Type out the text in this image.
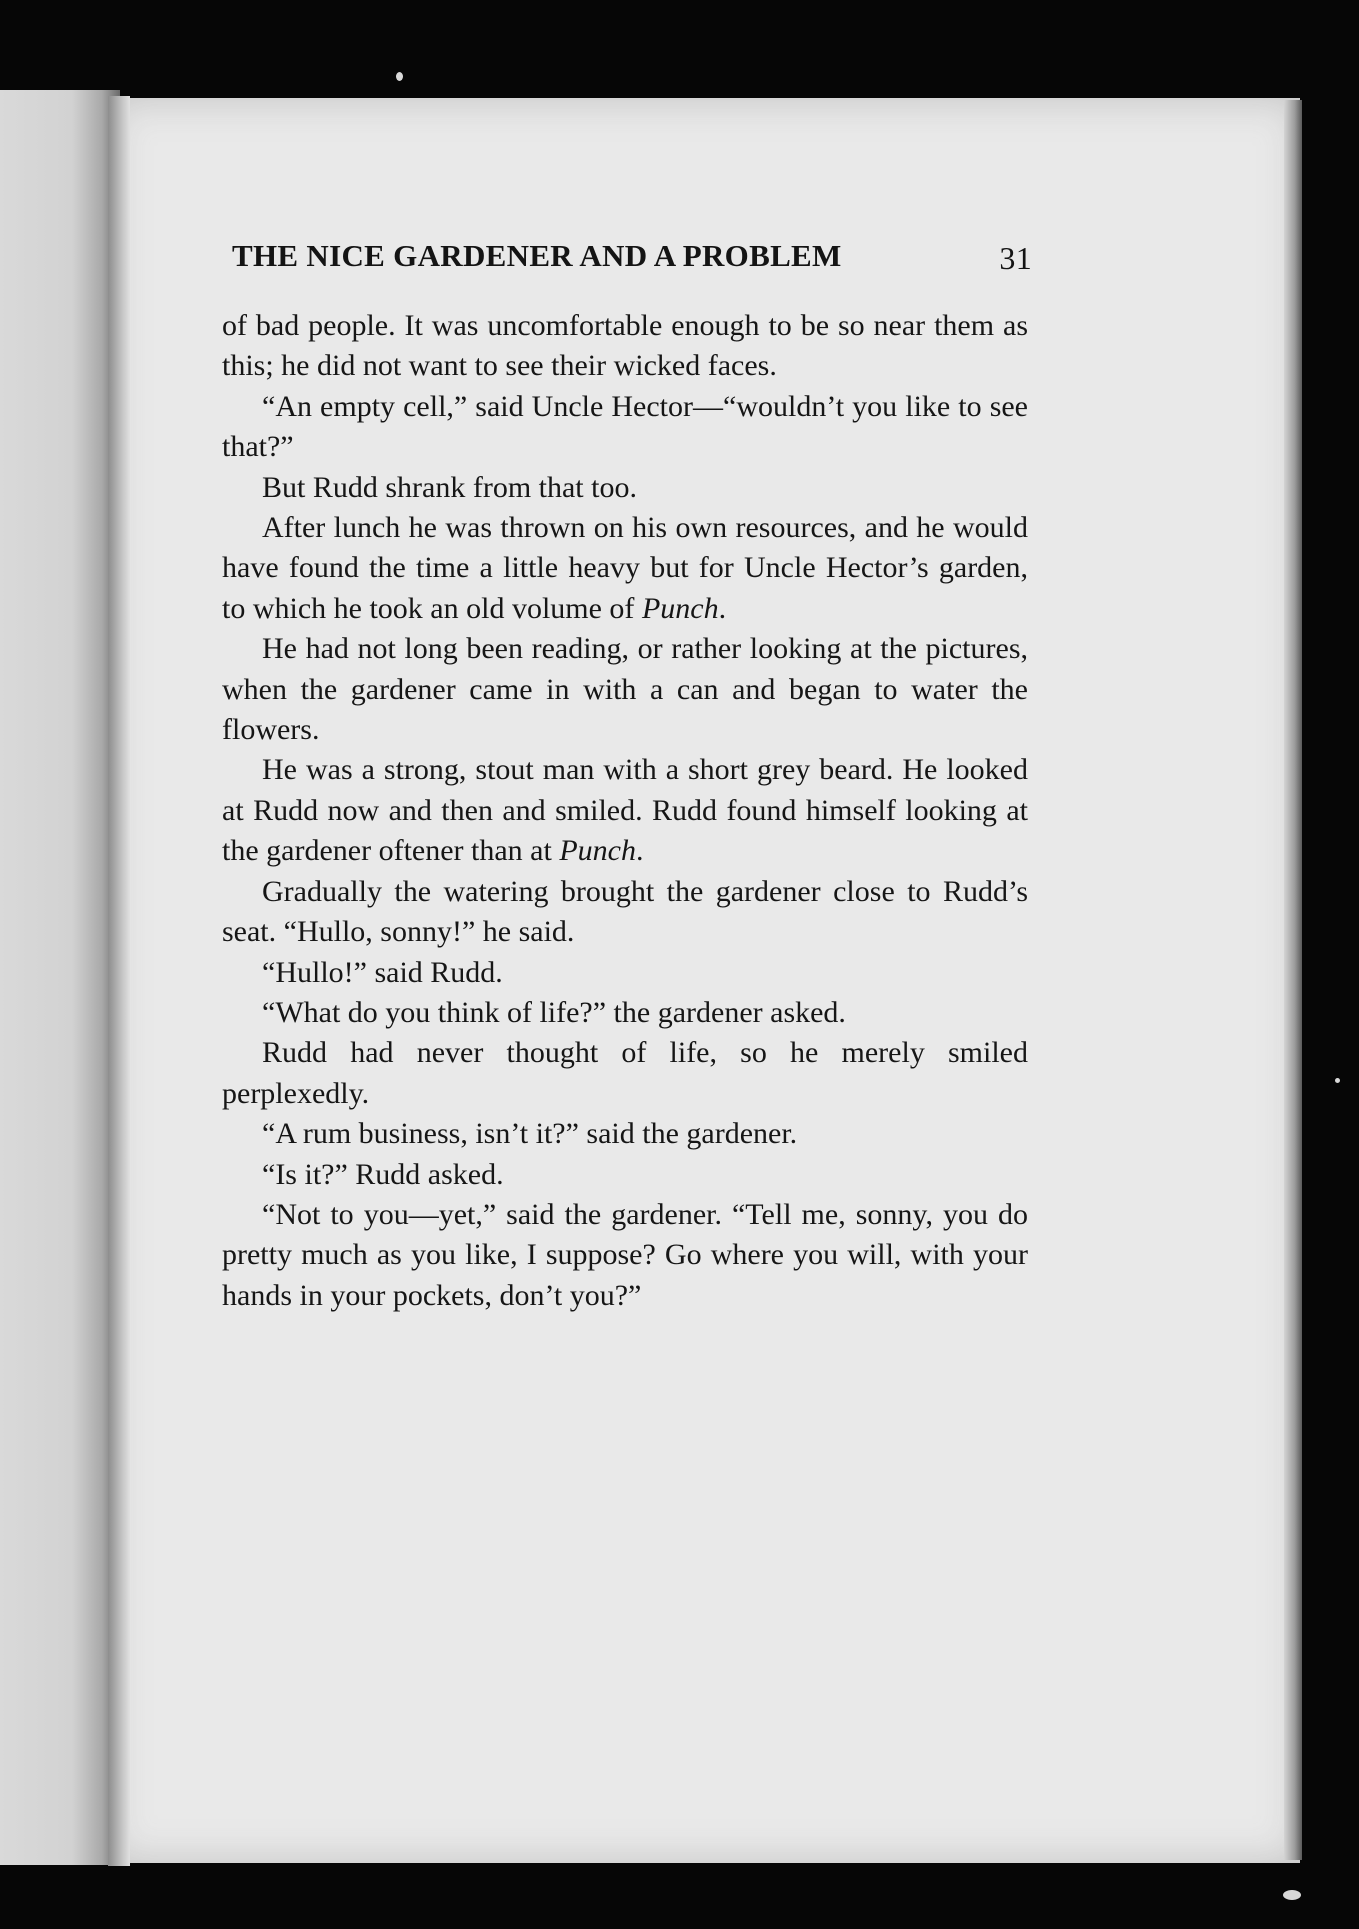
THE NICE GARDENER AND A PROBLEM	31

of bad people. It was uncomfortable enough to be so near them as this; he did not want to see their wicked faces.

“An empty cell,” said Uncle Hector—“wouldn’t you like to see that?”

But Rudd shrank from that too.

After lunch he was thrown on his own resources, and he would have found the time a little heavy but for Uncle Hector’s garden, to which he took an old volume of Punch.

He had not long been reading, or rather looking at the pictures, when the gardener came in with a can and began to water the flowers.

He was a strong, stout man with a short grey beard. He looked at Rudd now and then and smiled. Rudd found himself looking at the gardener oftener than at Punch.

Gradually the watering brought the gardener close to Rudd’s seat. “Hullo, sonny!” he said.

“Hullo!” said Rudd.

“What do you think of life?” the gardener asked.

Rudd had never thought of life, so he merely smiled perplexedly.

“A rum business, isn’t it?” said the gardener.

“Is it?” Rudd asked.

“Not to you—yet,” said the gardener. “Tell me, sonny, you do pretty much as you like, I suppose? Go where you will, with your hands in your pockets, don’t you?”
